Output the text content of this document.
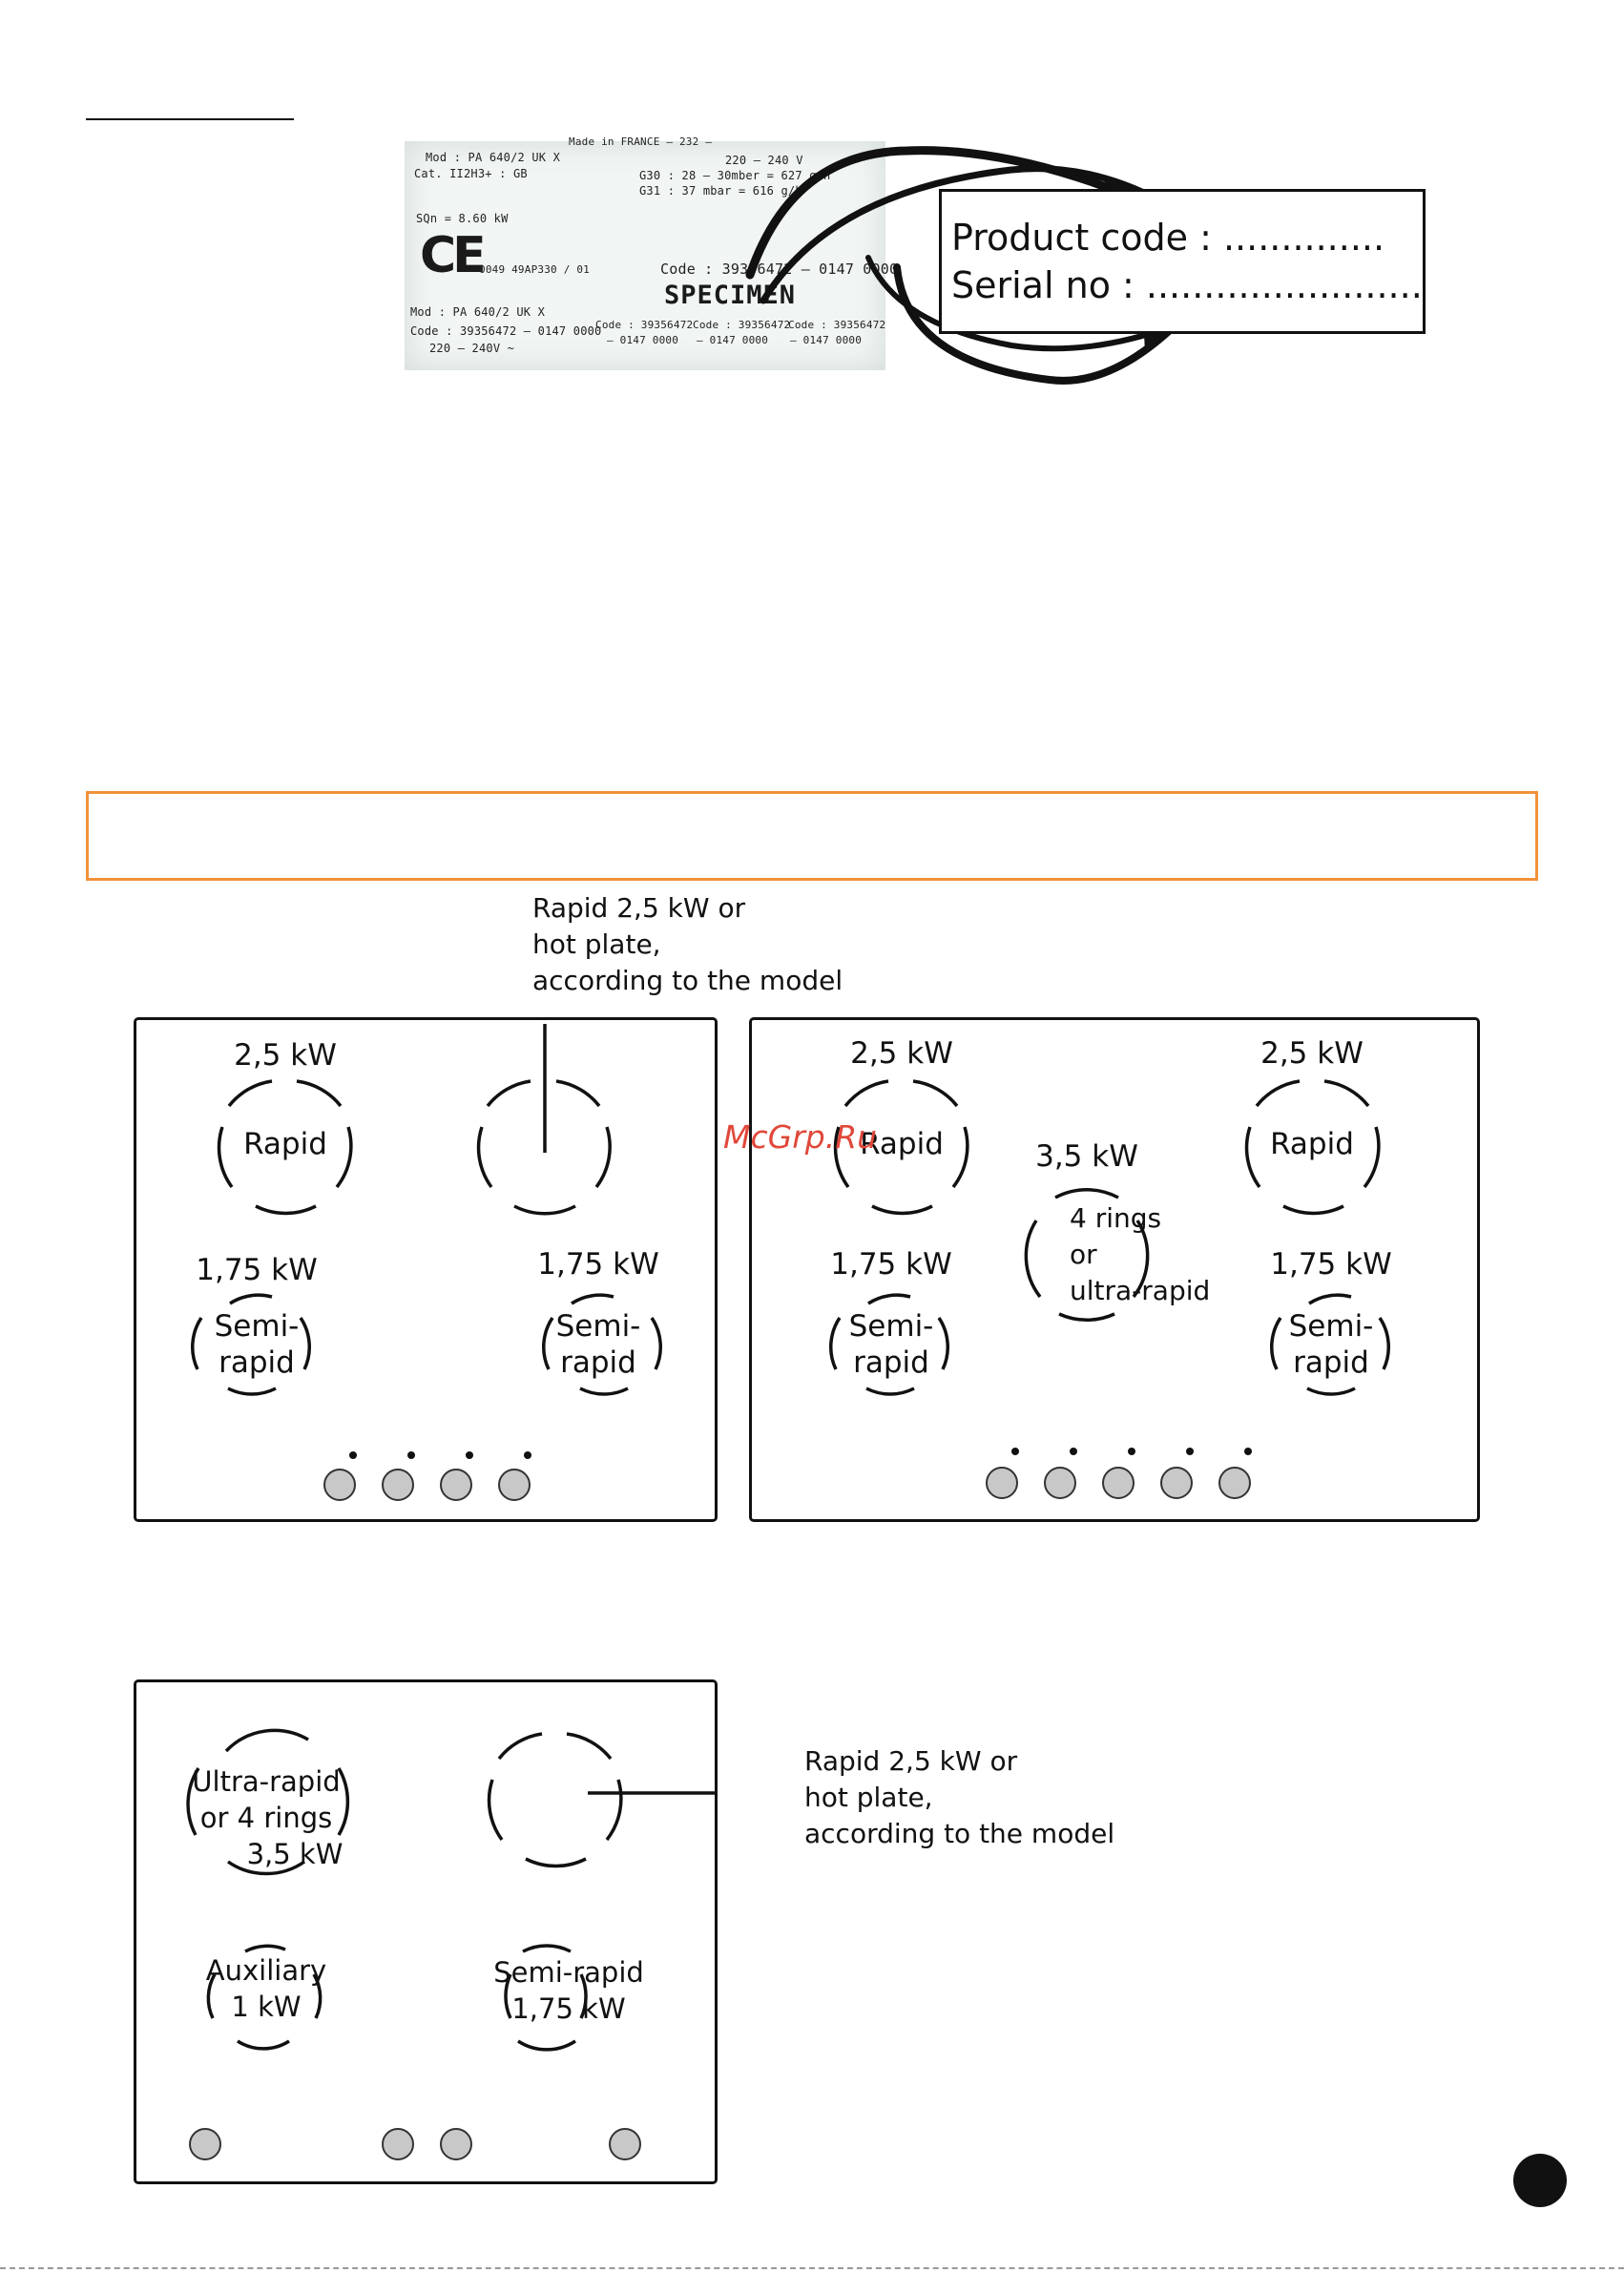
Made in FRANCE – 232 –
Mod : PA 640/2 UK X
Cat. II2H3+ : GB
220 – 240 V
G30 : 28 – 30mber = 627 g/h
G31 : 37 mbar = 616 g/h
SQn = 8.60 kW
CE
0049 49AP330 / 01	Code : 39356472 – 0147 0000
SPECIMEN
Mod : PA 640/2 UK X
Code : 39356472 – 0147 0000
220 – 240V ~
Code : 39356472
– 0147 0000
Code : 39356472
– 0147 0000
Code : 39356472
– 0147 0000
Product code : ..............
Serial no : ........................
Rapid 2,5 kW or
hot plate,
according to the model
2,5 kW
Rapid
1,75 kW
Semi-
rapid
1,75 kW
Semi-
rapid
2,5 kW
Rapid
2,5 kW
Rapid
3,5 kW
4 rings
or
ultra-rapid
1,75 kW
Semi-
rapid
1,75 kW
Semi-
rapid
McGrp.Ru
Ultra-rapid
or 4 rings
3,5 kW
Auxiliary
1 kW
Semi-rapid
1,75 kW
Rapid 2,5 kW or
hot plate,
according to the model
